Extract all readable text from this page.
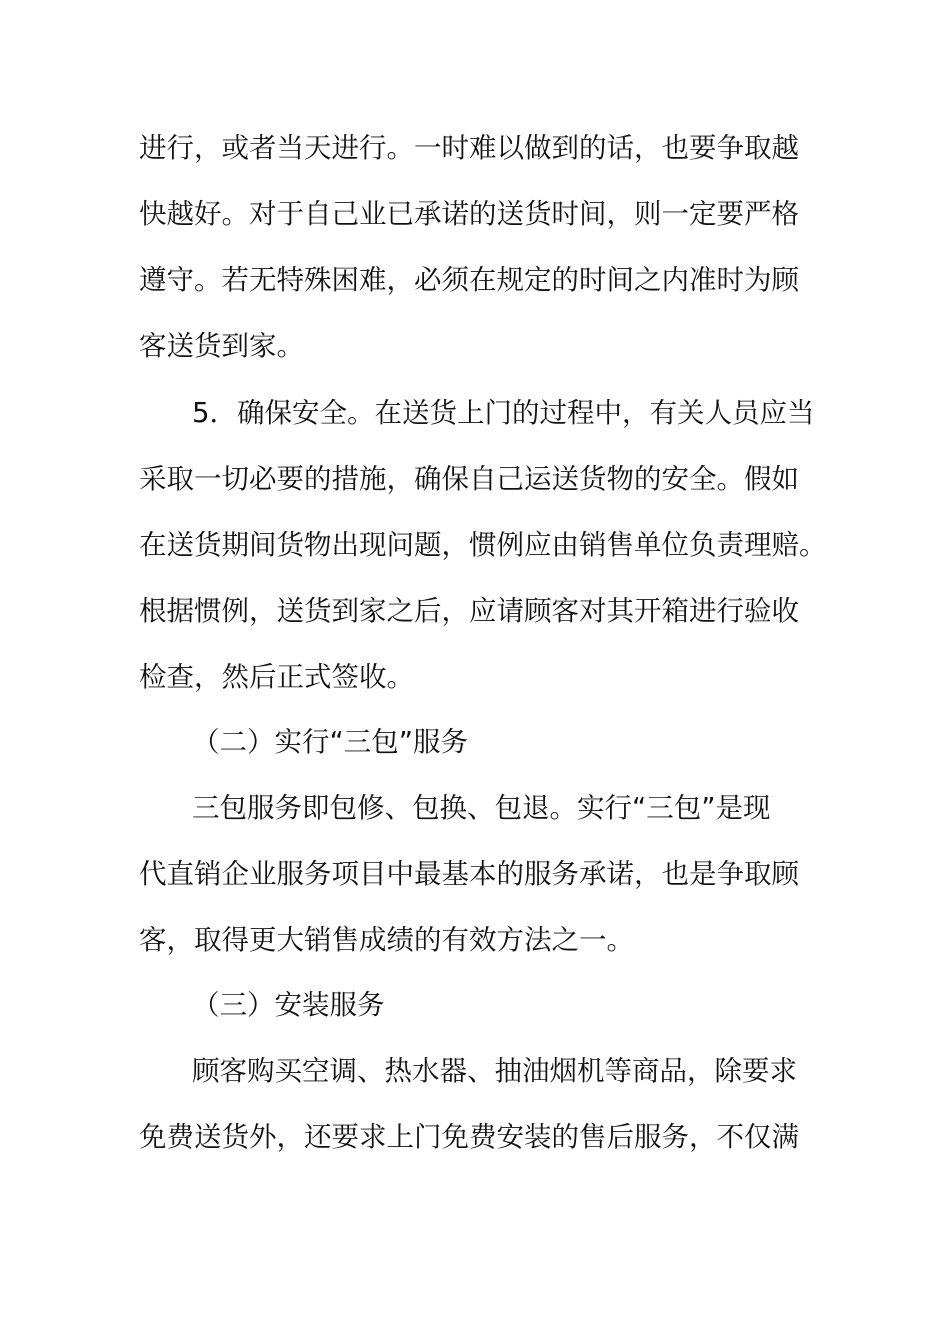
进行，或者当天进行。一时难以做到的话，也要争取越
快越好。对于自己业已承诺的送货时间，则一定要严格
遵守。若无特殊困难，必须在规定的时间之内准时为顾
客送货到家。
5．确保安全。在送货上门的过程中，有关人员应当
采取一切必要的措施，确保自己运送货物的安全。假如
在送货期间货物出现问题，惯例应由销售单位负责理赔。
根据惯例，送货到家之后，应请顾客对其开箱进行验收
检查，然后正式签收。
（二）实行“三包”服务
三包服务即包修、包换、包退。实行“三包”是现
代直销企业服务项目中最基本的服务承诺，也是争取顾
客，取得更大销售成绩的有效方法之一。
（三）安装服务
顾客购买空调、热水器、抽油烟机等商品，除要求
免费送货外，还要求上门免费安装的售后服务，不仅满
